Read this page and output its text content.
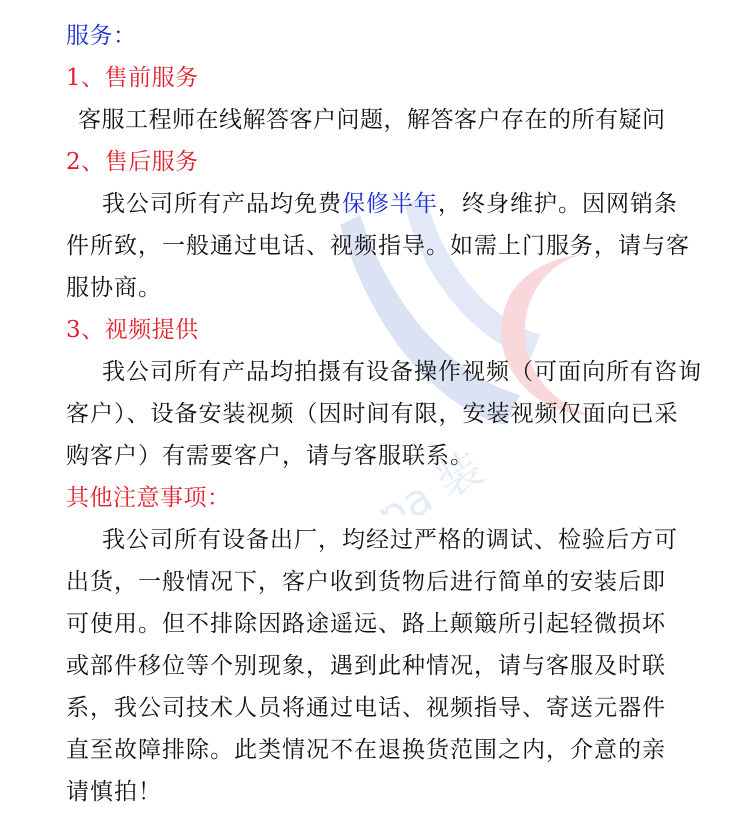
pa 装
服务：
1、售前服务
客服工程师在线解答客户问题，解答客户存在的所有疑问
2、售后服务
我公司所有产品均免费保修半年，终身维护。因网销条
件所致，一般通过电话、视频指导。如需上门服务，请与客
服协商。
3、视频提供
我公司所有产品均拍摄有设备操作视频（可面向所有咨询
客户）、设备安装视频（因时间有限，安装视频仅面向已采
购客户）有需要客户，请与客服联系。
其他注意事项：
我公司所有设备出厂，均经过严格的调试、检验后方可
出货，一般情况下，客户收到货物后进行简单的安装后即
可使用。但不排除因路途遥远、路上颠簸所引起轻微损坏
或部件移位等个别现象，遇到此种情况，请与客服及时联
系，我公司技术人员将通过电话、视频指导、寄送元器件
直至故障排除。此类情况不在退换货范围之内，介意的亲
请慎拍！
